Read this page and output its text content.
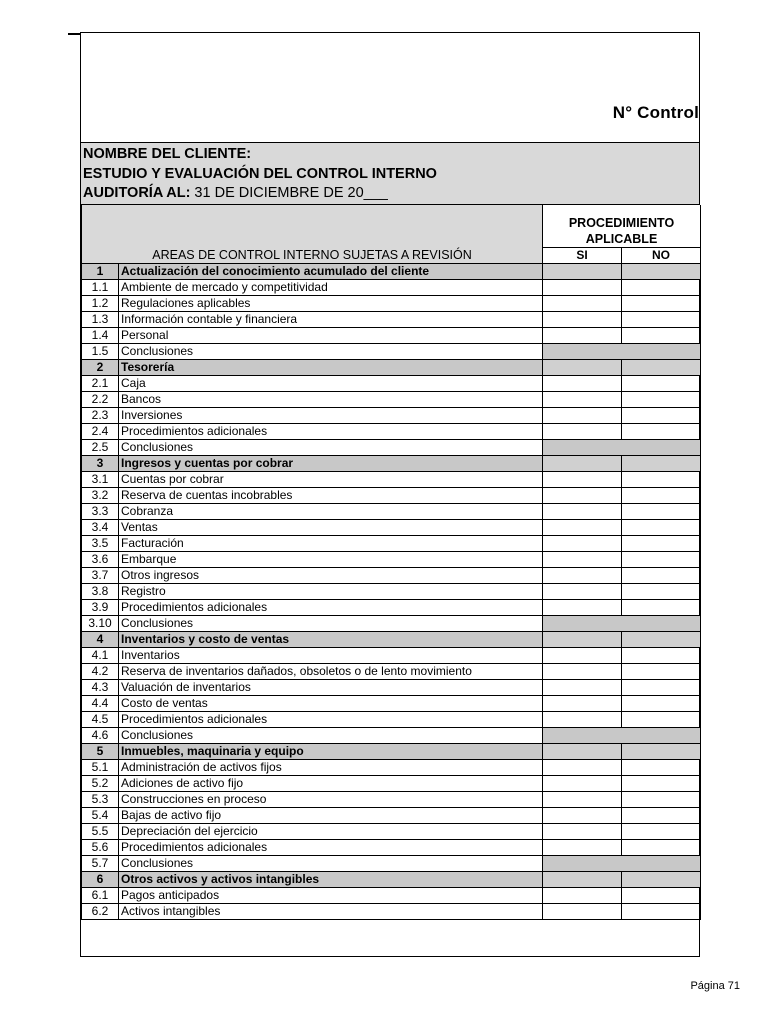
N° Control
NOMBRE DEL CLIENTE:
ESTUDIO Y EVALUACIÓN DEL CONTROL INTERNO
AUDITORÍA AL: 31 DE DICIEMBRE DE 20___
AREAS DE CONTROL INTERNO SUJETAS A REVISIÓN		PROCEDIMIENTO
APLICABLE	
		SI	NO
1	Actualización del conocimiento acumulado del cliente		
1.1	Ambiente de mercado y competitividad		
1.2	Regulaciones aplicables		
1.3	Información contable y financiera		
1.4	Personal		
1.5	Conclusiones		
2	Tesorería		
2.1	Caja		
2.2	Bancos		
2.3	Inversiones		
2.4	Procedimientos adicionales		
2.5	Conclusiones		
3	Ingresos y cuentas por cobrar		
3.1	Cuentas por cobrar		
3.2	Reserva de cuentas incobrables		
3.3	Cobranza		
3.4	Ventas		
3.5	Facturación		
3.6	Embarque		
3.7	Otros ingresos		
3.8	Registro		
3.9	Procedimientos adicionales		
3.10	Conclusiones		
4	Inventarios y costo de ventas		
4.1	Inventarios		
4.2	Reserva de inventarios dañados, obsoletos o de lento movimiento		
4.3	Valuación de inventarios		
4.4	Costo de ventas		
4.5	Procedimientos adicionales		
4.6	Conclusiones		
5	Inmuebles, maquinaria y equipo		
5.1	Administración de activos fijos		
5.2	Adiciones de activo fijo		
5.3	Construcciones en proceso		
5.4	Bajas de activo fijo		
5.5	Depreciación del ejercicio		
5.6	Procedimientos adicionales		
5.7	Conclusiones		
6	Otros activos y activos intangibles		
6.1	Pagos anticipados		
6.2	Activos intangibles		
Página 71
